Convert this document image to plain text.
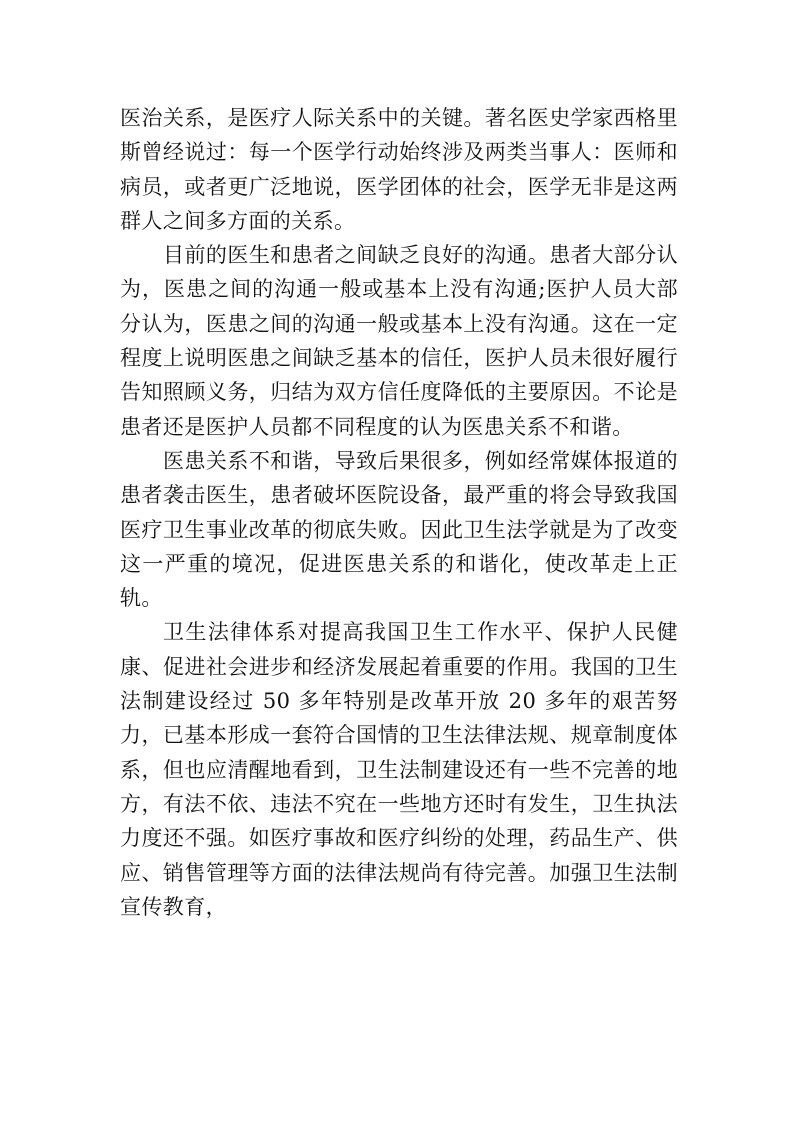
医治关系，是医疗人际关系中的关键。著名医史学家西格里斯曾经说过：每一个医学行动始终涉及两类当事人：医师和病员，或者更广泛地说，医学团体的社会，医学无非是这两群人之间多方面的关系。

目前的医生和患者之间缺乏良好的沟通。患者大部分认为，医患之间的沟通一般或基本上没有沟通;医护人员大部分认为，医患之间的沟通一般或基本上没有沟通。这在一定程度上说明医患之间缺乏基本的信任，医护人员未很好履行告知照顾义务，归结为双方信任度降低的主要原因。不论是患者还是医护人员都不同程度的认为医患关系不和谐。

医患关系不和谐，导致后果很多，例如经常媒体报道的患者袭击医生，患者破坏医院设备，最严重的将会导致我国医疗卫生事业改革的彻底失败。因此卫生法学就是为了改变这一严重的境况，促进医患关系的和谐化，使改革走上正轨。

卫生法律体系对提高我国卫生工作水平、保护人民健康、促进社会进步和经济发展起着重要的作用。我国的卫生法制建设经过 50 多年特别是改革开放 20 多年的艰苦努力，已基本形成一套符合国情的卫生法律法规、规章制度体系，但也应清醒地看到，卫生法制建设还有一些不完善的地方，有法不依、违法不究在一些地方还时有发生，卫生执法力度还不强。如医疗事故和医疗纠纷的处理，药品生产、供应、销售管理等方面的法律法规尚有待完善。加强卫生法制宣传教育，
